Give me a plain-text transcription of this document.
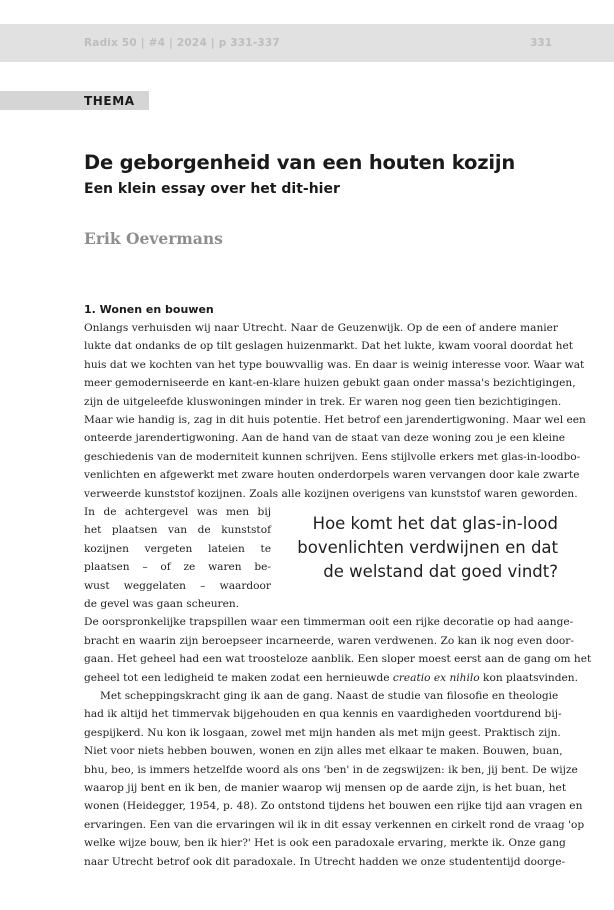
Radix 50 | #4 | 2024 | p 331-337	331
THEMA
De geborgenheid van een houten kozijn
Een klein essay over het dit-hier
Erik Oevermans
1. Wonen en bouwen
Onlangs verhuisden wij naar Utrecht. Naar de Geuzenwijk. Op de een of andere manier
lukte dat ondanks de op tilt geslagen huizenmarkt. Dat het lukte, kwam vooral doordat het
huis dat we kochten van het type bouwvallig was. En daar is weinig interesse voor. Waar wat
meer gemoderniseerde en kant-en-klare huizen gebukt gaan onder massa's bezichtigingen,
zijn de uitgeleefde kluswoningen minder in trek. Er waren nog geen tien bezichtigingen.
Maar wie handig is, zag in dit huis potentie. Het betrof een jarendertigwoning. Maar wel een
onteerde jarendertigwoning. Aan de hand van de staat van deze woning zou je een kleine
geschiedenis van de moderniteit kunnen schrijven. Eens stijlvolle erkers met glas-in-loodbo-
venlichten en afgewerkt met zware houten onderdorpels waren vervangen door kale zwarte
verweerde kunststof kozijnen. Zoals alle kozijnen overigens van kunststof waren geworden.
In de achtergevel was men bij
het plaatsen van de kunststof
kozijnen vergeten lateien te
plaatsen – of ze waren be-
wust weggelaten – waardoor
de gevel was gaan scheuren.
Hoe komt het dat glas-in-lood
bovenlichten verdwijnen en dat
de welstand dat goed vindt?
De oorspronkelijke trapspillen waar een timmerman ooit een rijke decoratie op had aange-
bracht en waarin zijn beroepseer incarneerde, waren verdwenen. Zo kan ik nog even door-
gaan. Het geheel had een wat troosteloze aanblik. Een sloper moest eerst aan de gang om het
geheel tot een ledigheid te maken zodat een hernieuwde creatio ex nihilo kon plaatsvinden.
Met scheppingskracht ging ik aan de gang. Naast de studie van filosofie en theologie
had ik altijd het timmervak bijgehouden en qua kennis en vaardigheden voortdurend bij-
gespijkerd. Nu kon ik losgaan, zowel met mijn handen als met mijn geest. Praktisch zijn.
Niet voor niets hebben bouwen, wonen en zijn alles met elkaar te maken. Bouwen, buan,
bhu, beo, is immers hetzelfde woord als ons 'ben' in de zegswijzen: ik ben, jij bent. De wijze
waarop jij bent en ik ben, de manier waarop wij mensen op de aarde zijn, is het buan, het
wonen (Heidegger, 1954, p. 48). Zo ontstond tijdens het bouwen een rijke tijd aan vragen en
ervaringen. Een van die ervaringen wil ik in dit essay verkennen en cirkelt rond de vraag 'op
welke wijze bouw, ben ik hier?' Het is ook een paradoxale ervaring, merkte ik. Onze gang
naar Utrecht betrof ook dit paradoxale. In Utrecht hadden we onze studententijd doorge-
